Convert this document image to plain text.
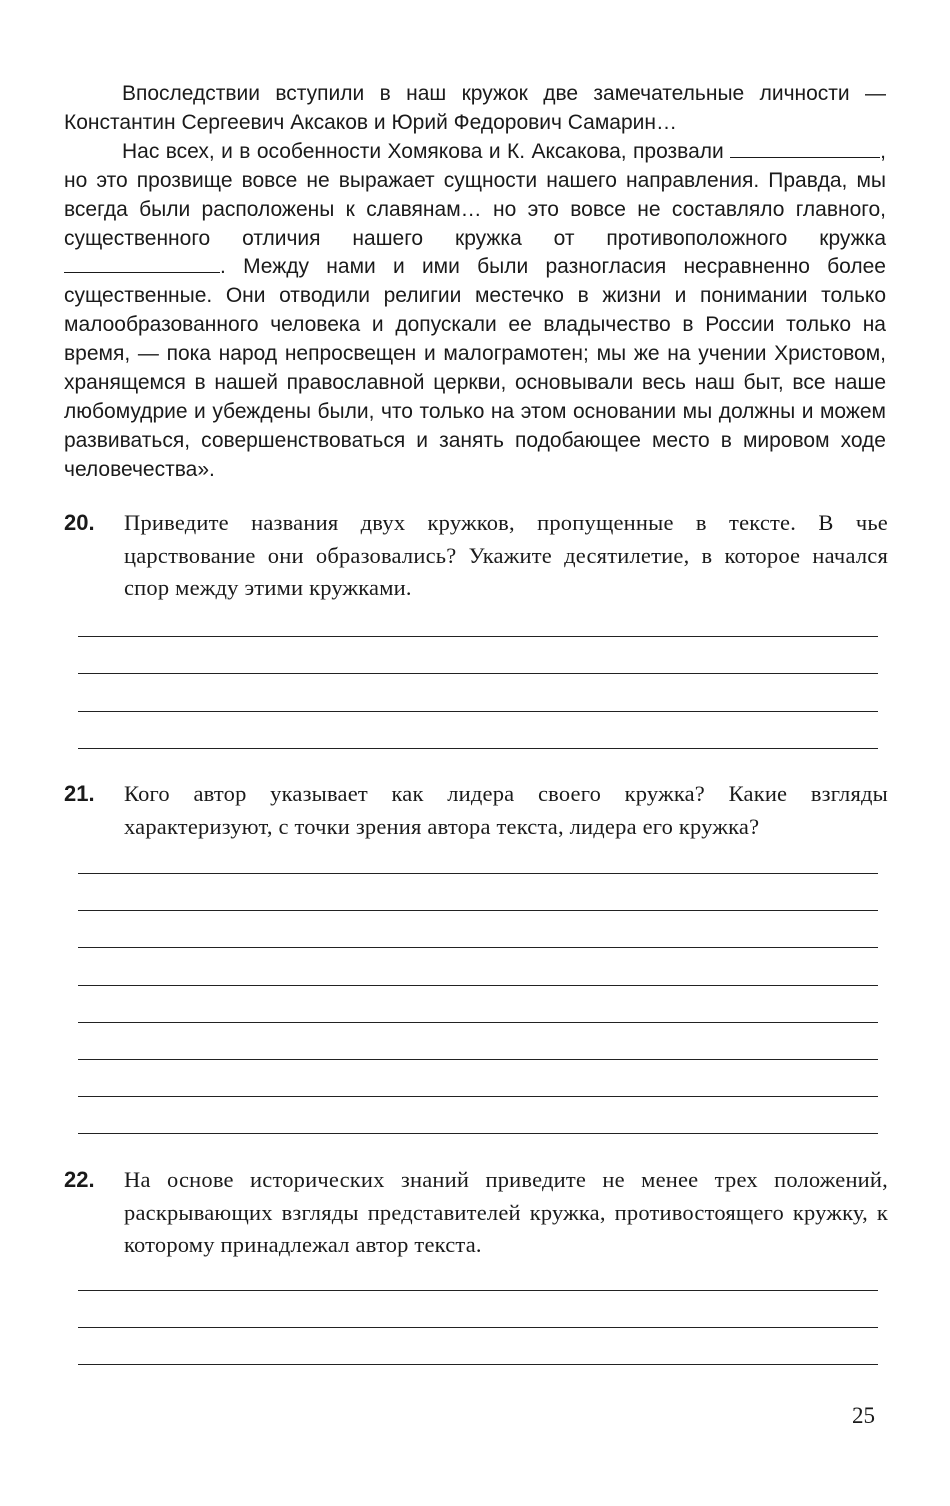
Впоследствии вступили в наш кружок две замечательные личности — Константин Сергеевич Аксаков и Юрий Федорович Самарин…

Нас всех, и в особенности Хомякова и К. Аксакова, прозвали	, но это прозвище вовсе не выражает сущности нашего направления. Правда, мы всегда были расположены к славянам… но это вовсе не составляло главного, существенного отличия нашего кружка от противоположного кружка . Между нами и ими были разногласия несравненно более существенные. Они отводили религии местечко в жизни и понимании только малообразованного человека и допускали ее владычество в России только на время, — пока народ непросвещен и малограмотен; мы же на учении Христовом, хранящемся в нашей православной церкви, основывали весь наш быт, все наше любомудрие и убеждены были, что только на этом основании мы должны и можем развиваться, совершенствоваться и занять подобающее место в мировом ходе человечества».

20. Приведите названия двух кружков, пропущенные в тексте. В чье царствование они образовались? Укажите десятилетие, в которое начался спор между этими кружками.
21. Кого автор указывает как лидера своего кружка? Какие взгляды характеризуют, с точки зрения автора текста, лидера его кружка?
22. На основе исторических знаний приведите не менее трех положений, раскрывающих взгляды представителей кружка, противостоящего кружку, к которому принадлежал автор текста.
25
